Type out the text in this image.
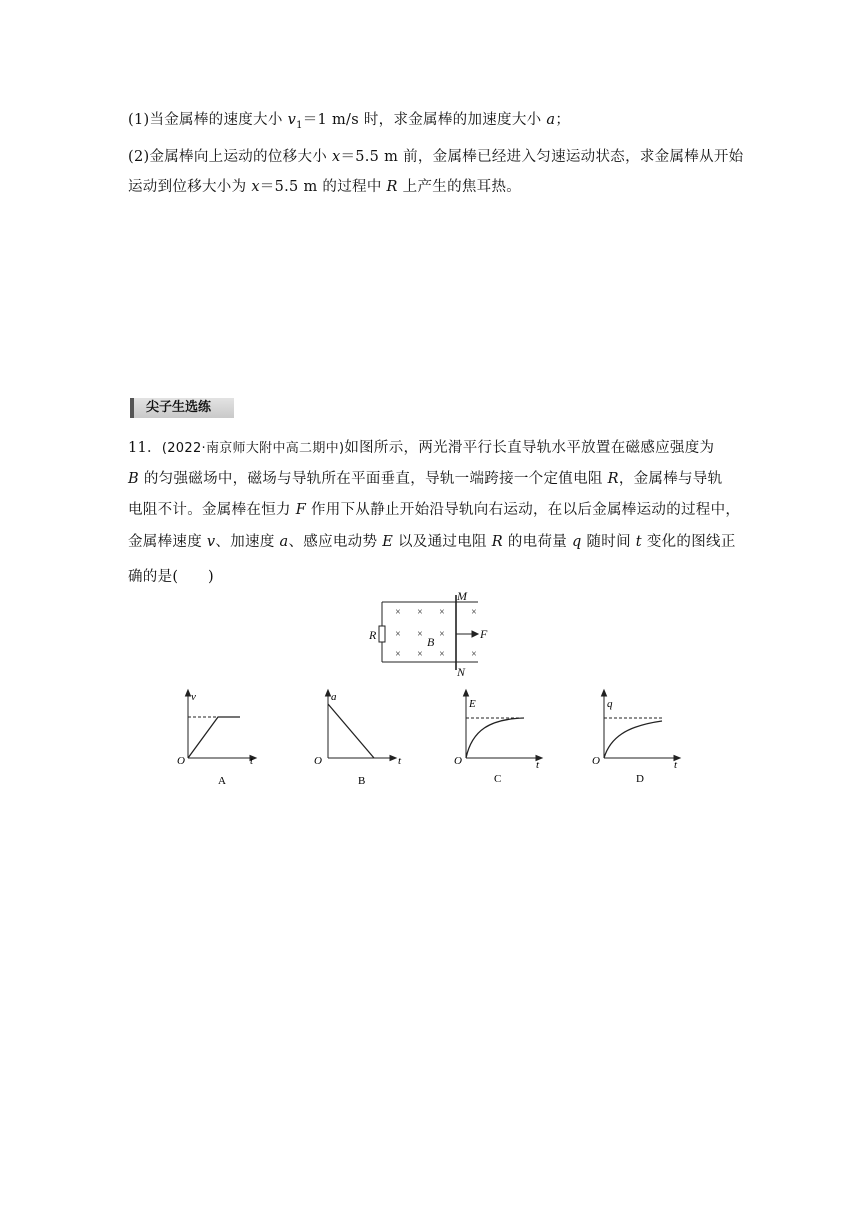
(1)当金属棒的速度大小 $v_1=1$ m/s 时，求金属棒的加速度大小 a；
(2)金属棒向上运动的位移大小 x＝5.5 m 前，金属棒已经进入匀速运动状态，求金属棒从开始
运动到位移大小为 x＝5.5 m 的过程中 R 上产生的焦耳热。
尖子生选练
11．(2022·南京师大附中高二期中)如图所示，两光滑平行长直导轨水平放置在磁感应强度为
B 的匀强磁场中，磁场与导轨所在平面垂直，导轨一端跨接一个定值电阻 R，金属棒与导轨
电阻不计。金属棒在恒力 F 作用下从静止开始沿导轨向右运动，在以后金属棒运动的过程中，
金属棒速度 v、加速度 a、感应电动势 E 以及通过电阻 R 的电荷量 q 随时间 t 变化的图线正
确的是(　　)
× × ×	×
× × ×
× × ×	×
R	B
M
N
F
v
t
O
A
a
t
O
B
E
t
O
C
q
t
O
D
